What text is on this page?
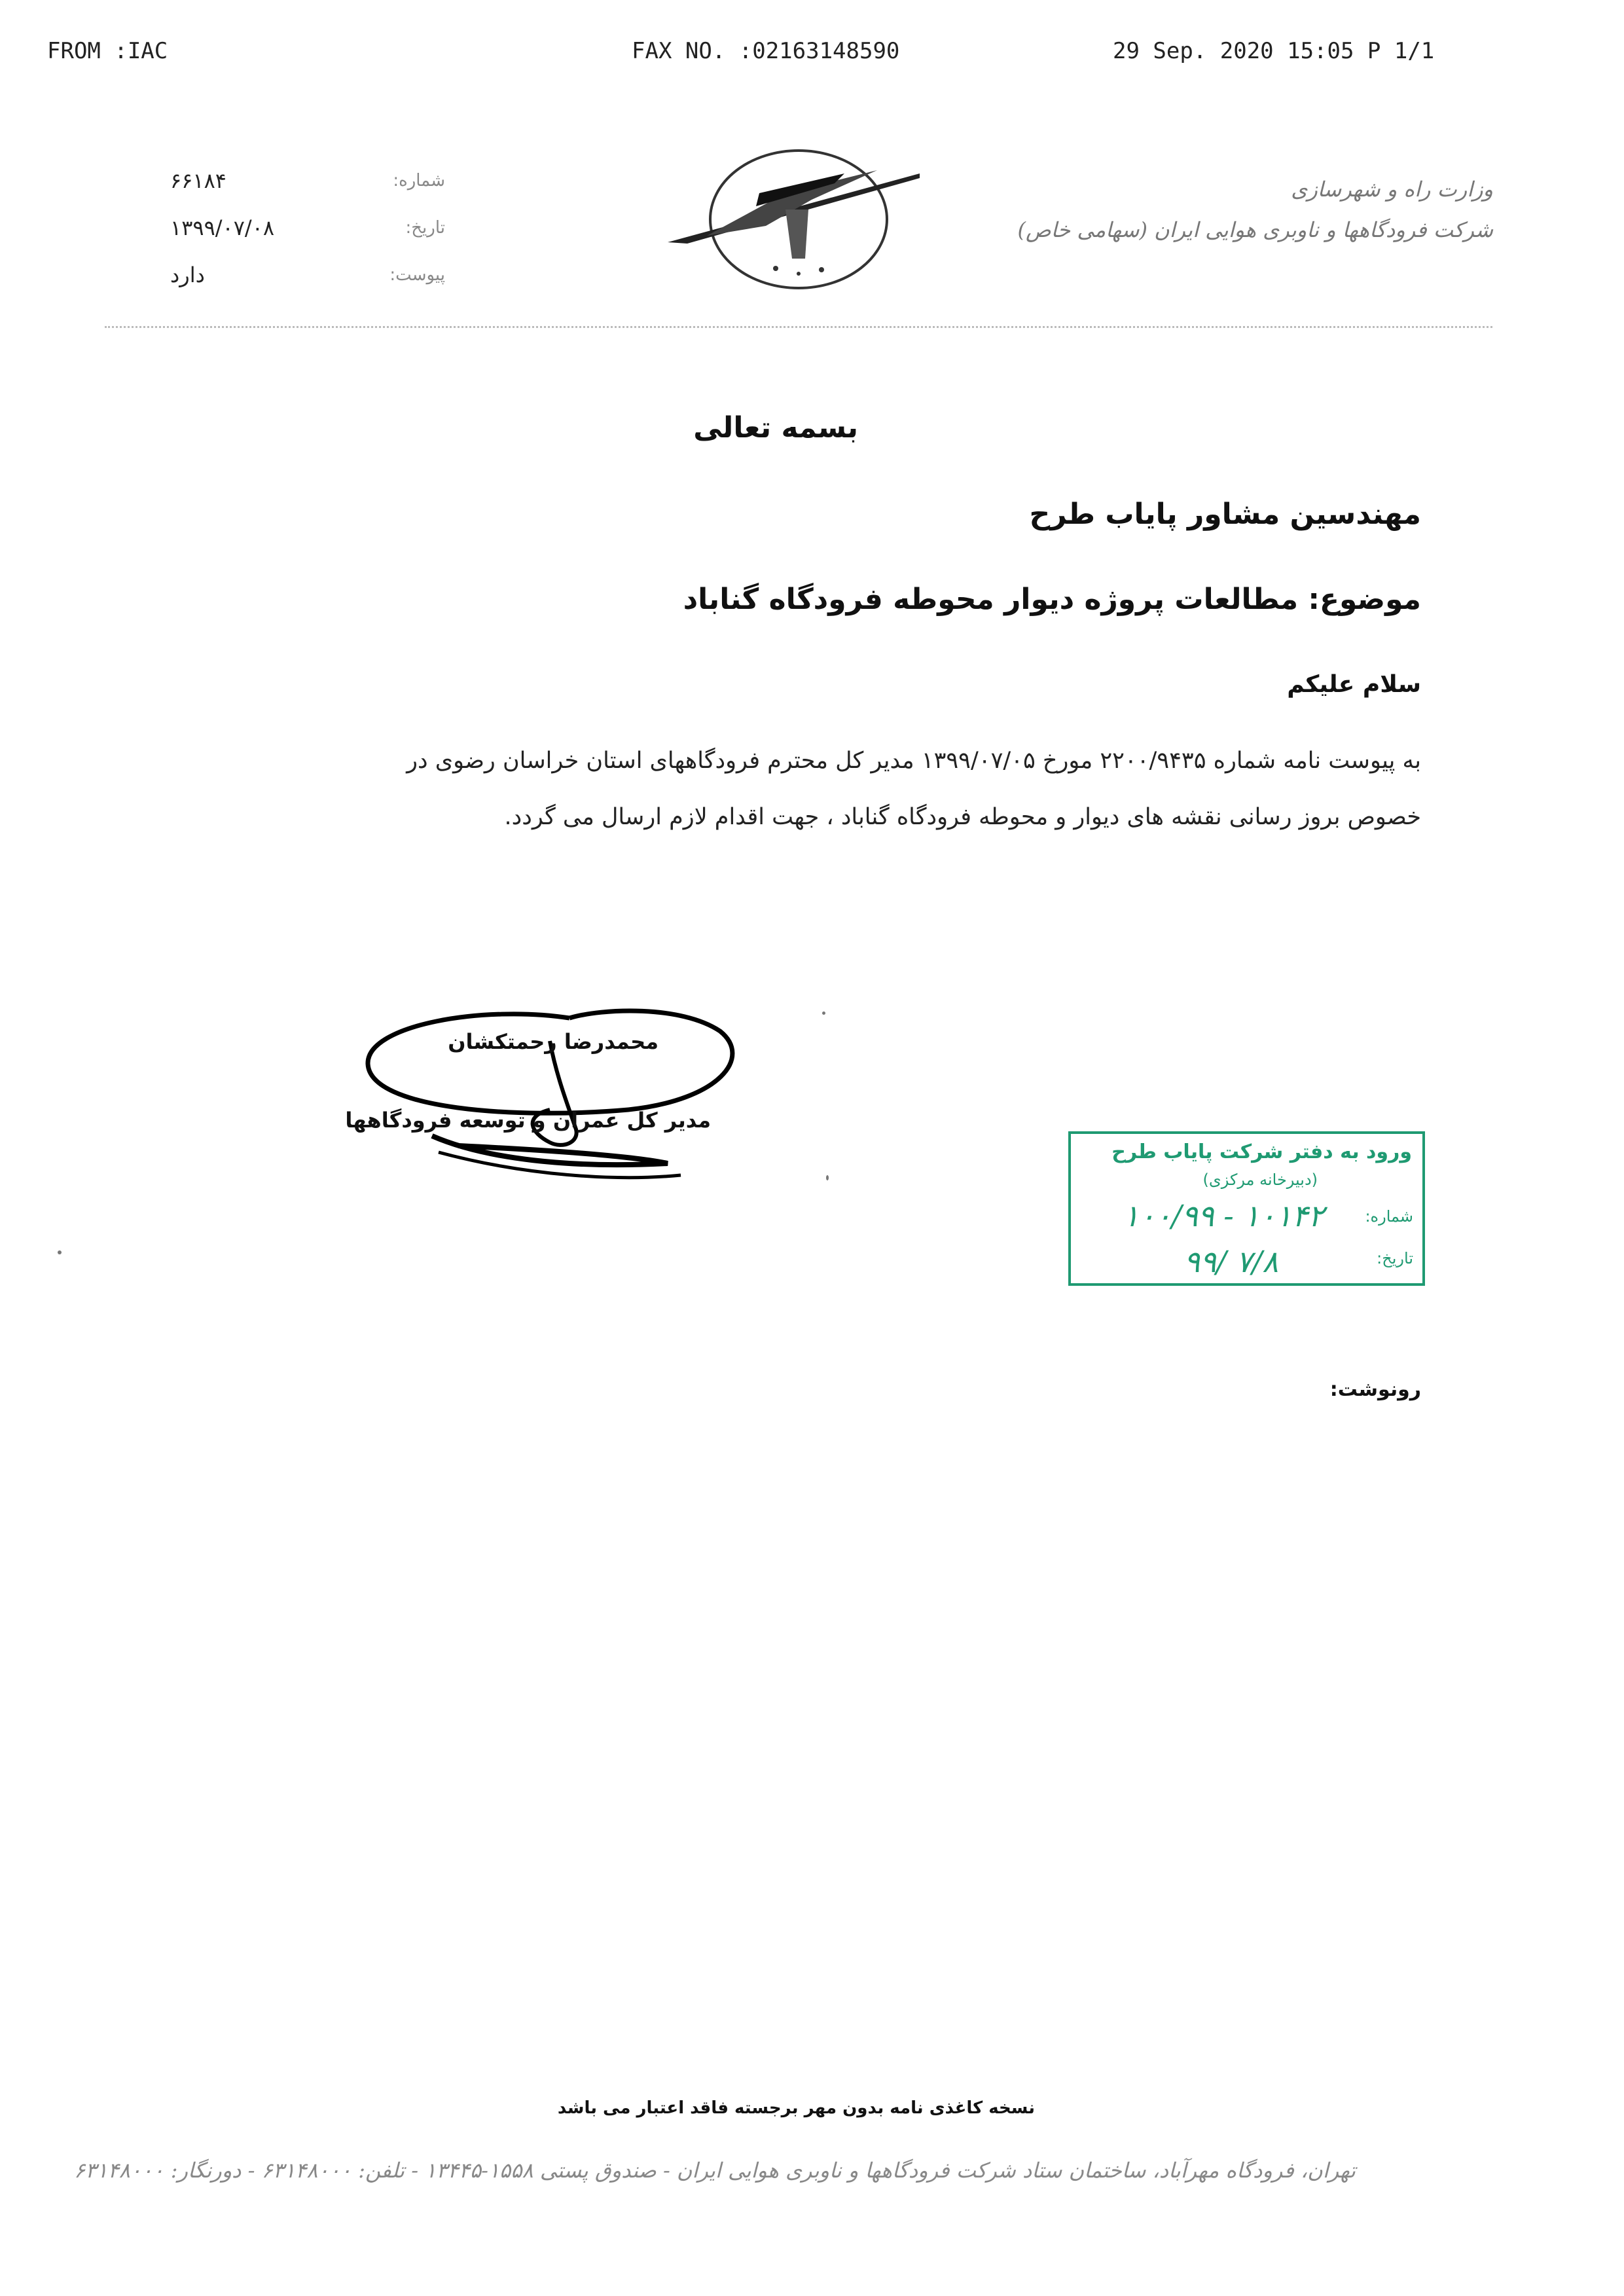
FROM :IAC	FAX NO. :02163148590	29 Sep. 2020 15:05 P 1/1
شماره:
۶۶۱۸۴
تاریخ:
۱۳۹۹/۰۷/۰۸
پیوست:
دارد
وزارت راه و شهرسازی
شرکت فرودگاهها و ناوبری هوایی ایران (سهامی خاص)
بسمه تعالی
مهندسین مشاور پایاب طرح
موضوع: مطالعات پروژه دیوار محوطه فرودگاه گناباد
سلام علیکم
به پیوست نامه شماره ۲۲۰۰/۹۴۳۵ مورخ ۱۳۹۹/۰۷/۰۵ مدیر کل محترم فرودگاههای استان خراسان رضوی در
خصوص بروز رسانی نقشه های دیوار و محوطه فرودگاه گناباد ، جهت اقدام لازم ارسال می گردد.
محمدرضا رحمتکشان
مدیر کل عمران و توسعه فرودگاهها
ورود به دفتر شرکت پایاب طرح
(دبیرخانه مرکزی)
شماره:
۱۰۰/۹۹ - ۱۰۱۴۲
تاریخ:
۹۹/ ۷/۸
رونوشت:
نسخه کاغذی نامه بدون مهر برجسته فاقد اعتبار می باشد
تهران، فرودگاه مهرآباد، ساختمان ستاد شرکت فرودگاهها و ناوبری هوایی ایران - صندوق پستی ۱۵۵۸-۱۳۴۴۵ - تلفن: ۶۳۱۴۸۰۰۰ - دورنگار: ۶۳۱۴۸۰۰۰
